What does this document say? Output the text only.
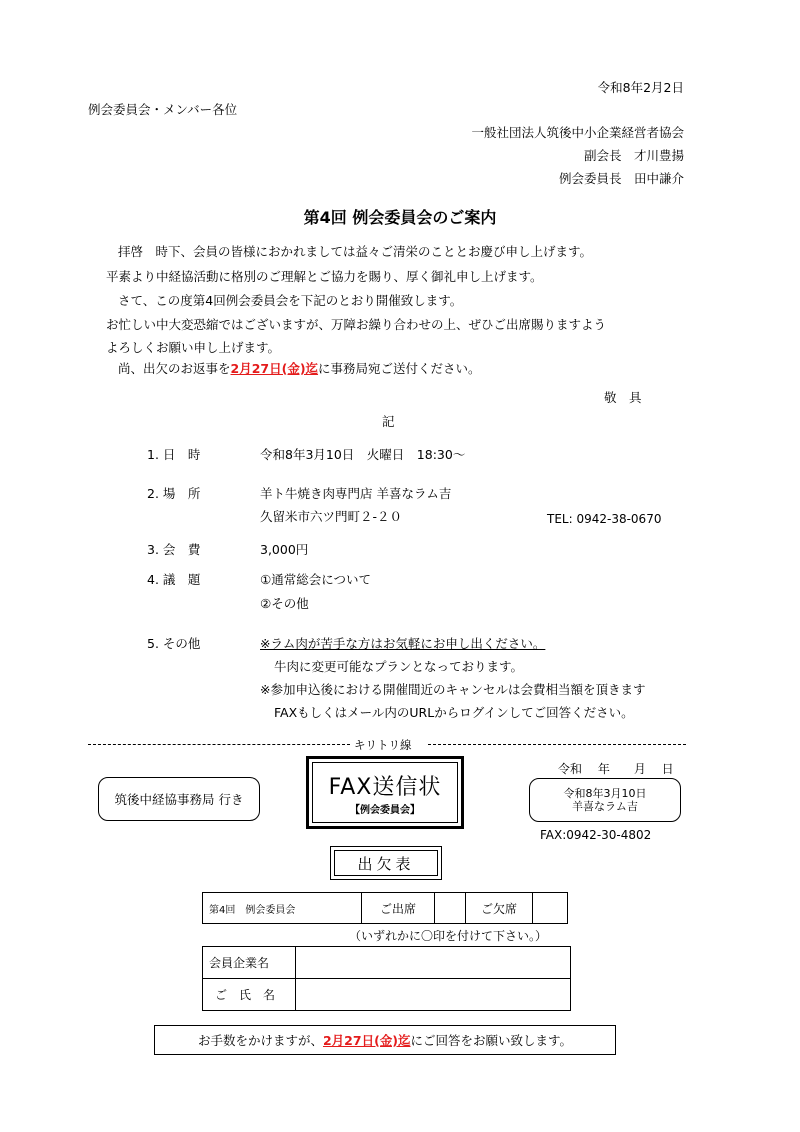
令和8年2月2日
例会委員会・メンバー各位
一般社団法人筑後中小企業経営者協会
副会長　才川豊揚
例会委員長　田中謙介
第4回 例会委員会のご案内
拝啓　時下、会員の皆様におかれましては益々ご清栄のこととお慶び申し上げます。
平素より中経協活動に格別のご理解とご協力を賜り、厚く御礼申し上げます。
さて、この度第4回例会委員会を下記のとおり開催致します。
お忙しい中大変恐縮ではございますが、万障お繰り合わせの上、ぜひご出席賜りますよう
よろしくお願い申し上げます。
尚、出欠のお返事を2月27日(金)迄に事務局宛ご送付ください。
敬　具
記
1. 日　時	令和8年3月10日　火曜日　18:30～
2. 場　所	羊ト牛焼き肉専門店 羊喜なラム吉
久留米市六ツ門町２-２０	TEL: 0942-38-0670
3. 会　費	3,000円
4. 議　題	①通常総会について
②その他
5. その他	※ラム肉が苦手な方はお気軽にお申し出ください。
牛肉に変更可能なプランとなっております。
※参加申込後における開催間近のキャンセルは会費相当額を頂きます
FAXもしくはメール内のURLからログインしてご回答ください。
キリトリ線
筑後中経協事務局 行き	FAX送信状
【例会委員会】
令和　 年　　月　 日
令和8年3月10日
羊喜なラム吉
FAX:0942-30-4802
出欠表
第4回　例会委員会	ご出席		ご欠席	
（いずれかに〇印を付けて下さい。）
会員企業名	
ご　氏　名	
お手数をかけますが、 2月27日(金)迄 にご回答をお願い致します。
